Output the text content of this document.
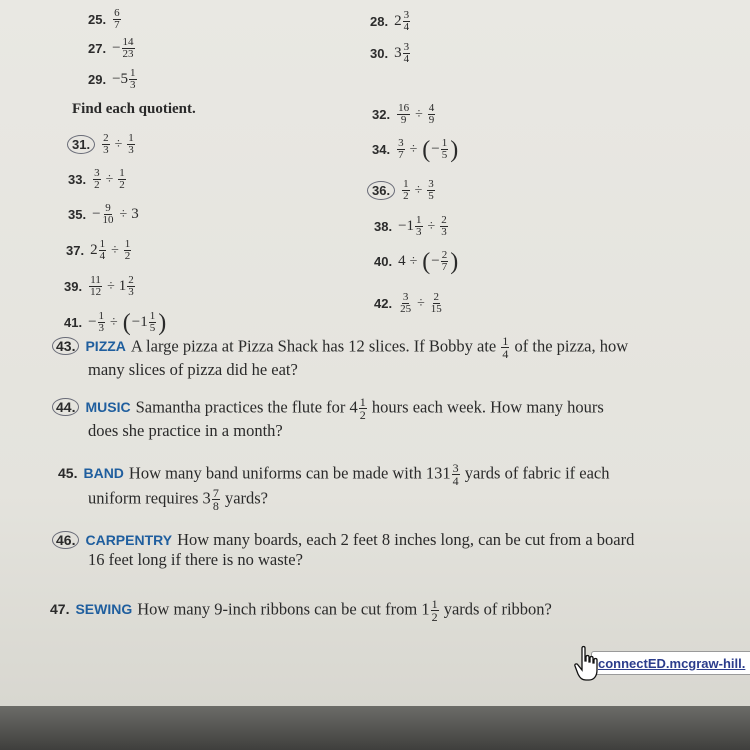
25. $\frac{6}{7}$
27. − $\frac{14}{23}$
29. $-5 \frac{1}{3}$
28. $2 \frac{3}{4}$
30. $3 \frac{3}{4}$
31.	$\frac{2}{3} \div \frac{1}{3}$
33. $\frac{3}{2} \div \frac{1}{2}$
35. − $\frac{9}{10} \div 3$
37. $2 \frac{1}{4} \div \frac{1}{2}$
39. $\frac{11}{12} \div 1 \frac{2}{3}$
41. − $\frac{1}{3}$ ÷ ( $-1 \frac{1}{5}$ )
32. $\frac{16}{9} \div \frac{4}{9}$
34. $\frac{3}{7}$ ÷ ( − $\frac{1}{5}$ )
36.	$\frac{1}{2} \div \frac{3}{5}$
38. $-1 \frac{1}{3} \div \frac{2}{3}$
40. 4 ÷ ( − $\frac{2}{7}$ )
42. $\frac{3}{25} \div \frac{2}{15}$
Find each quotient.
43. PIZZA A large pizza at Pizza Shack has 12 slices. If Bobby ate $\frac{1}{4}$ of the pizza, how
many slices of pizza did he eat?
44. MUSIC Samantha practices the flute for $4 \frac{1}{2}$ hours each week. How many hours
does she practice in a month?
45. BAND How many band uniforms can be made with $131 \frac{3}{4}$ yards of fabric if each
uniform requires $3 \frac{7}{8}$ yards?
46. CARPENTRY How many boards, each 2 feet 8 inches long, can be cut from a board
16 feet long if there is no waste?
47. SEWING How many 9-inch ribbons can be cut from $1 \frac{1}{2}$ yards of ribbon?
connectED.mcgraw-hill.
